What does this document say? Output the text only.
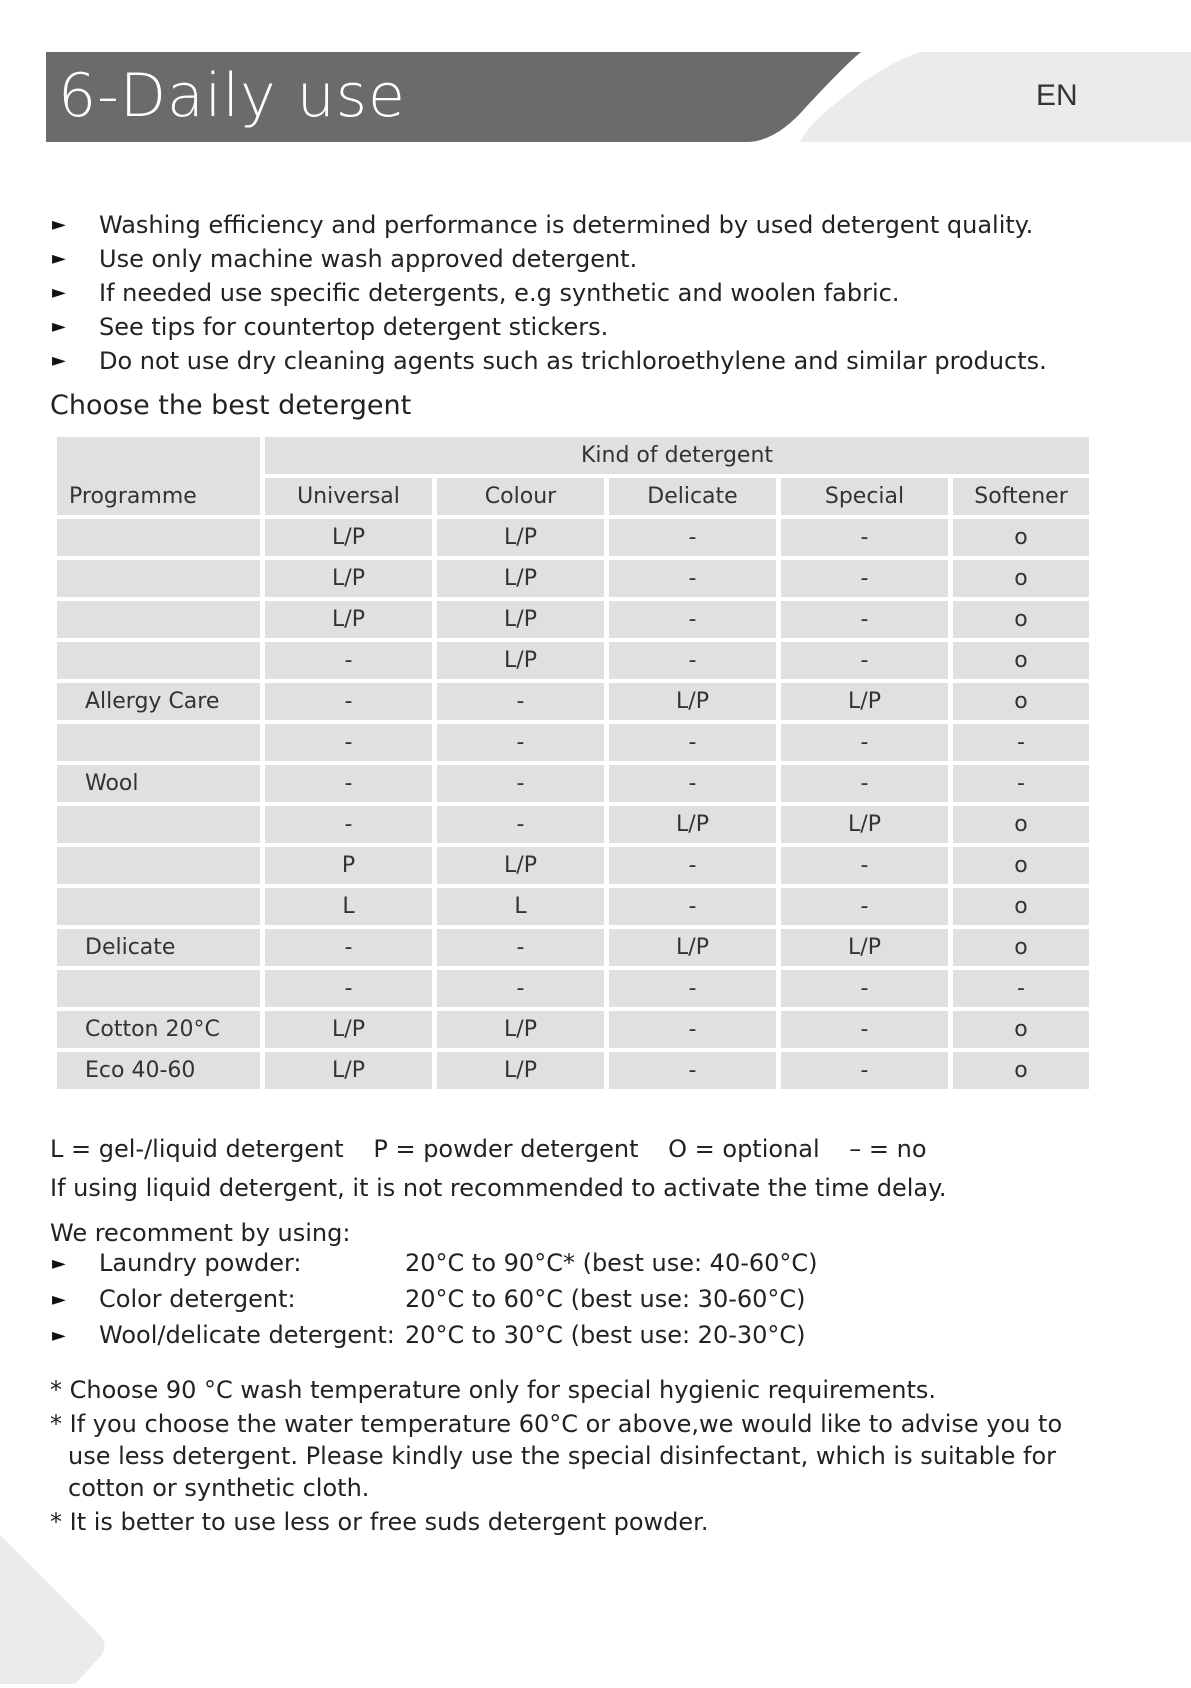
6-Daily use	EN
► Washing efficiency and performance is determined by used detergent quality.
► Use only machine wash approved detergent.
► If needed use specific detergents, e.g synthetic and woolen fabric.
► See tips for countertop detergent stickers.
► Do not use dry cleaning agents such as trichloroethylene and similar products.
Choose the best detergent
Programme	Kind of detergent				
	Universal	Colour	Delicate	Special	Softener
	L/P	L/P	-	-	o
	L/P	L/P	-	-	o
	L/P	L/P	-	-	o
	-	L/P	-	-	o
Allergy Care	-	-	L/P	L/P	o
	-	-	-	-	-
Wool	-	-	-	-	-
	-	-	L/P	L/P	o
	P	L/P	-	-	o
	L	L	-	-	o
Delicate	-	-	L/P	L/P	o
	-	-	-	-	-
Cotton 20°C	L/P	L/P	-	-	o
Eco 40-60	L/P	L/P	-	-	o
L = gel-/liquid detergent P = powder detergent O = optional – = no
If using liquid detergent, it is not recommended to activate the time delay.
We recomment by using:
► Laundry powder:	20°C to 90°C* (best use: 40-60°C)
► Color detergent:	20°C to 60°C (best use: 30-60°C)
► Wool/delicate detergent: 20°C to 30°C (best use: 20-30°C)

* Choose 90 °C wash temperature only for special hygienic requirements.

* If you choose the water temperature 60°C or above,we would like to advise you to use less detergent. Please kindly use the special disinfectant, which is suitable for cotton or synthetic cloth.

* It is better to use less or free suds detergent powder.
